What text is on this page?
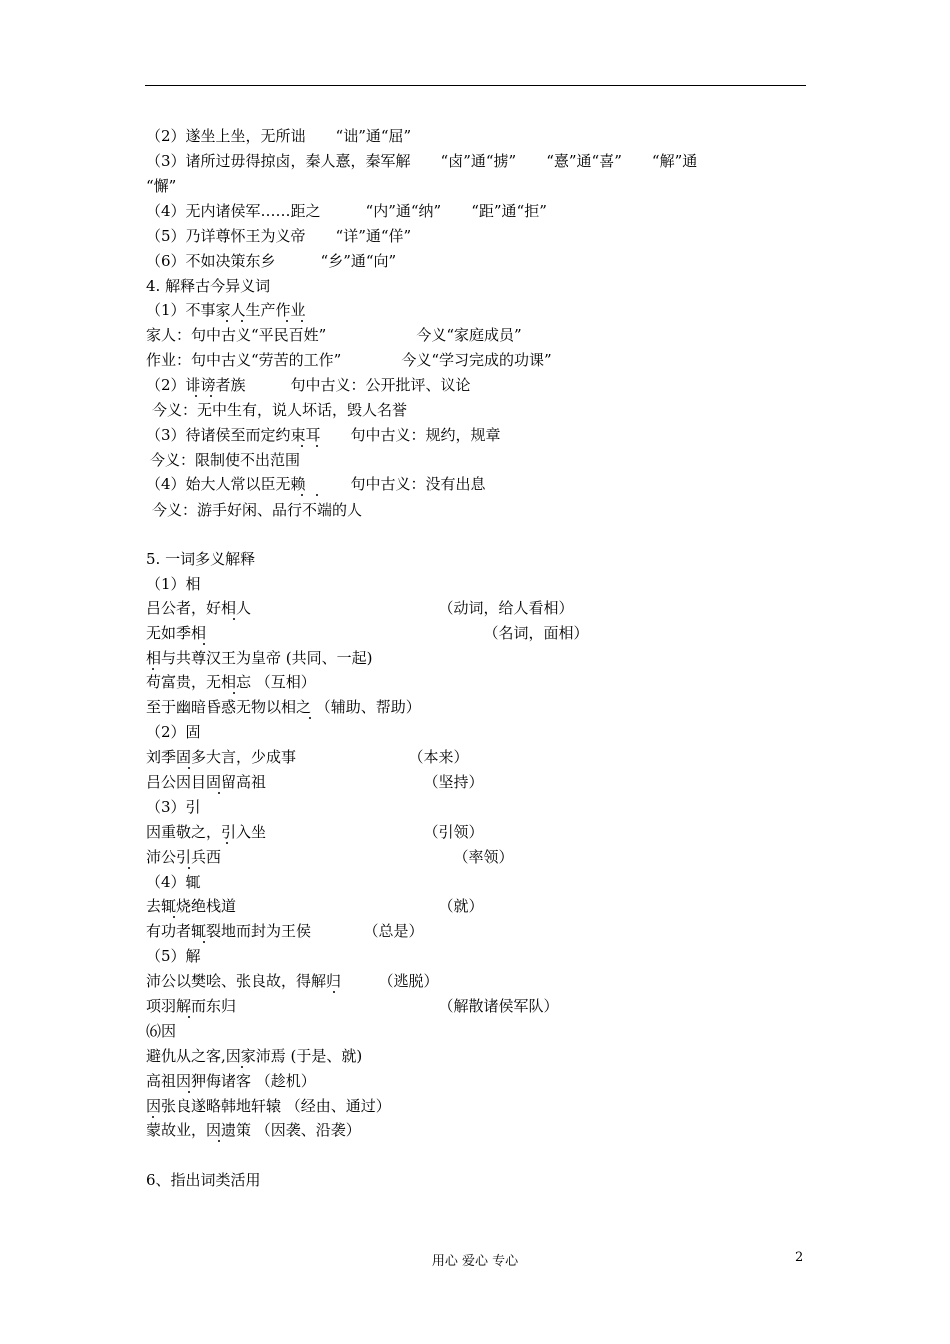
（2）遂坐上坐，无所诎　　“诎”通“屈”
（3）诸所过毋得掠卤，秦人憙，秦军解　　“卤”通“掳”　　“憙”通“喜”　　“解”通
“懈”
（4）无内诸侯军……距之　　　“内”通“纳”　　“距”通“拒”
（5）乃详尊怀王为义帝　　“详”通“佯”
（6）不如决策东乡　　　“乡”通“向”
4. 解释古今异义词
（1）不事家人生产作业
家人：句中古义“平民百姓”　　　　　　今义“家庭成员”
作业：句中古义“劳苦的工作”　　　　今义“学习完成的功课”
（2）诽谤者族　　　句中古义：公开批评、议论
今义：无中生有，说人坏话，毁人名誉
（3）待诸侯至而定约束耳　　句中古义：规约，规章
今义：限制使不出范围
（4）始大人常以臣无赖　　　句中古义：没有出息
今义：游手好闲、品行不端的人
5. 一词多义解释
（1）相
吕公者，好相人　　　　　　　　　　　　　（动词，给人看相）
无如季相　　　　　　　　　　　　　　　　　　　（名词，面相）
相与共尊汉王为皇帝 (共同、一起)
苟富贵，无相忘 （互相）
至于幽暗昏惑无物以相之 （辅助、帮助）
（2）固
刘季固多大言，少成事　　　　　　　　（本来）
吕公因目固留高祖　　　　　　　　　　　（坚持）
（3）引
因重敬之，引入坐　　　　　　　　　　　（引领）
沛公引兵西　　　　　　　　　　　　　　　　（率领）
（4）辄
去辄烧绝栈道　　　　　　　　　　　　　　（就）
有功者辄裂地而封为王侯　　　　（总是）
（5）解
沛公以樊哙、张良故，得解归　　　（逃脱）
项羽解而东归　　　　　　　　　　　　　　（解散诸侯军队）
⑹因
避仇从之客,因家沛焉 (于是、就)
高祖因狎侮诸客 （趁机）
因张良遂略韩地轩辕 （经由、通过）
蒙故业，因遗策 （因袭、沿袭）
6、指出词类活用
用心 爱心 专心	2
